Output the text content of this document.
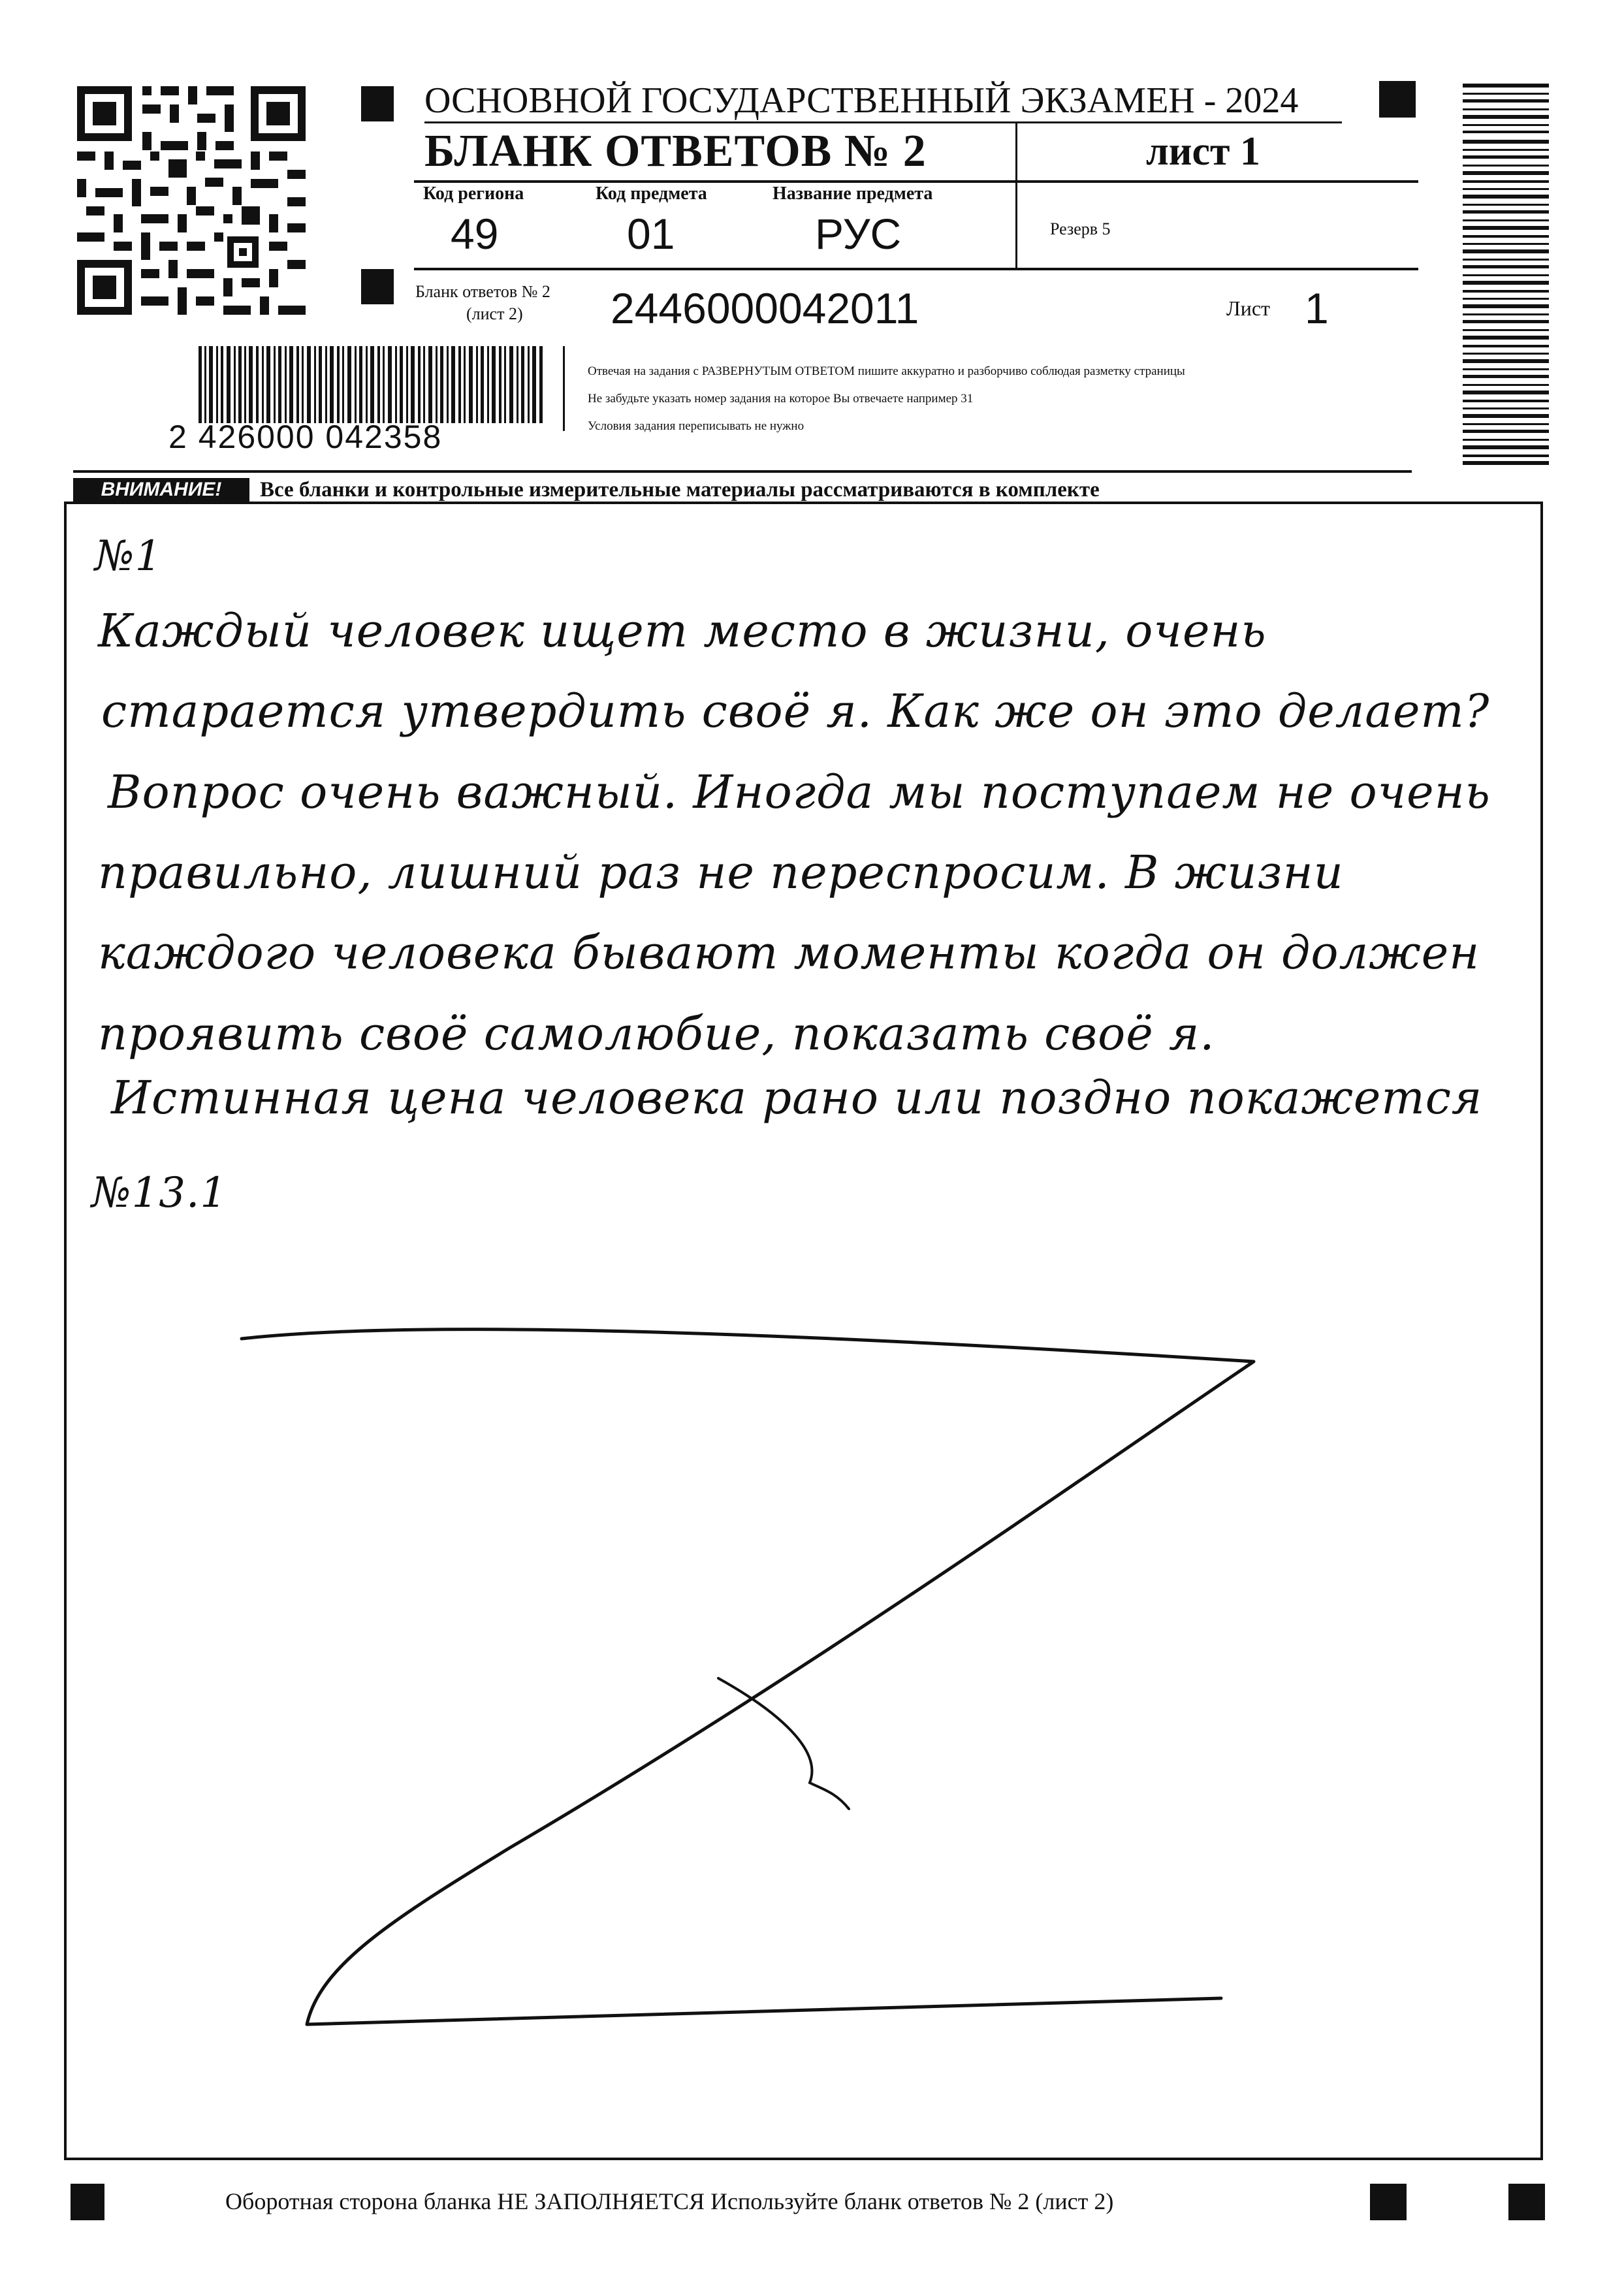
ОСНОВНОЙ ГОСУДАРСТВЕННЫЙ ЭКЗАМЕН - 2024
БЛАНК ОТВЕТОВ № 2	лист 1
Код региона	Код предмета	Название предмета
49	01	РУС	Резерв 5
Бланк ответов № 2
(лист 2) 2446000042011	Лист 1
2 426000 042358
Отвечая на задания с РАЗВЕРНУТЫМ ОТВЕТОМ пишите аккуратно и разборчиво соблюдая разметку страницы
Не забудьте указать номер задания на которое Вы отвечаете например 31
Условия задания переписывать не нужно
ВНИМАНИЕ!	Все бланки и контрольные измерительные материалы рассматриваются в комплекте
№1
Каждый человек ищет место в жизни, очень
старается утвердить своё я. Как же он это делает?
Вопрос очень важный. Иногда мы поступаем не очень
правильно, лишний раз не переспросим. В жизни
каждого человека бывают моменты когда он должен
проявить своё самолюбие, показать своё я.
Истинная цена человека рано или поздно покажется
№13.1
Оборотная сторона бланка НЕ ЗАПОЛНЯЕТСЯ Используйте бланк ответов № 2 (лист 2)
